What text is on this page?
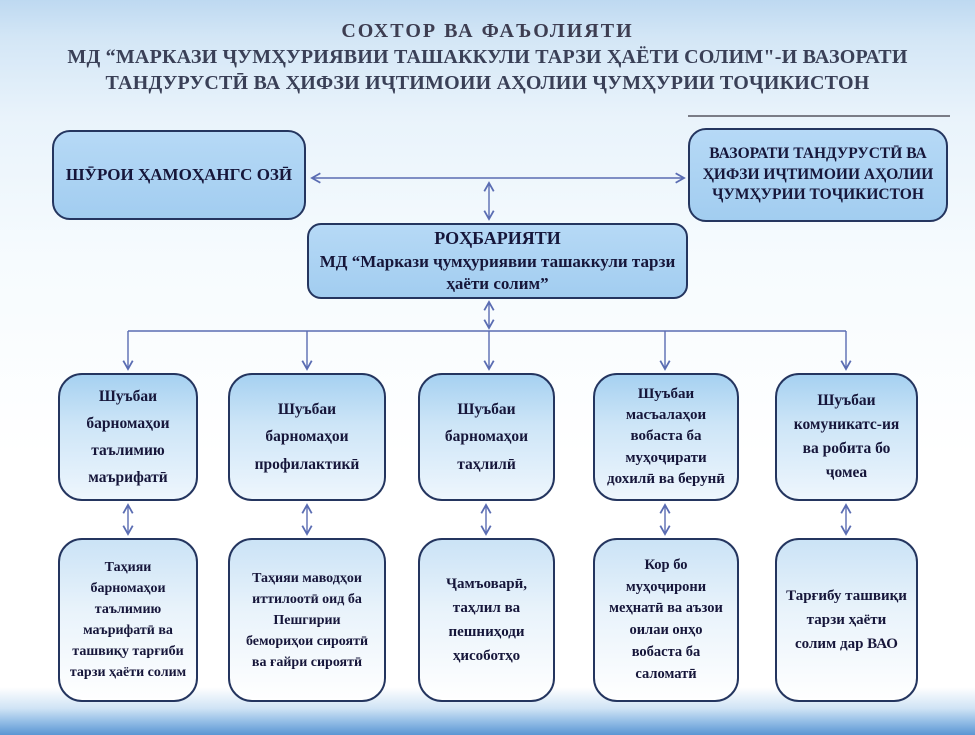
СОХТОР ВА ФАЪОЛИЯТИ
МД “МАРКАЗИ ҶУМҲУРИЯВИИ ТАШАККУЛИ ТАРЗИ ҲАЁТИ СОЛИМ"-И ВАЗОРАТИ
ТАНДУРУСТӢ ВА ҲИФЗИ ИҶТИМОИИ АҲОЛИИ ҶУМҲУРИИ ТОҶИКИСТОН
ШӮРОИ ҲАМОҲАНГС ОЗӢ
ВАЗОРАТИ ТАНДУРУСТӢ ВА ҲИФЗИ ИҶТИМОИИ АҲОЛИИ ҶУМҲУРИИ ТОҶИКИСТОН
РОҲБАРИЯТИ
МД “Маркази ҷумҳуриявии ташаккули тарзи ҳаёти солим”
Шуъбаи барномаҳои таълимию маърифатӣ
Шуъбаи барномаҳои профилактикӣ
Шуъбаи барномаҳои таҳлилӣ
Шуъбаи масъалаҳои вобаста ба муҳоҷирати дохилӣ ва берунӣ
Шуъбаи комуникатс-ия ва робита бо ҷомеа
Таҳияи барномаҳои таълимию маърифатӣ ва ташвиқу тарғиби тарзи ҳаёти солим
Таҳияи маводҳои иттилоотӣ оид ба Пешгирии бемориҳои сироятӣ ва ғайри сироятӣ
Ҷамъоварӣ, таҳлил ва пешниҳоди ҳисоботҳо
Кор бо муҳоҷирони меҳнатӣ ва аъзои оилаи онҳо вобаста ба саломатӣ
Тарғибу ташвиқи тарзи ҳаёти солим дар ВАО
